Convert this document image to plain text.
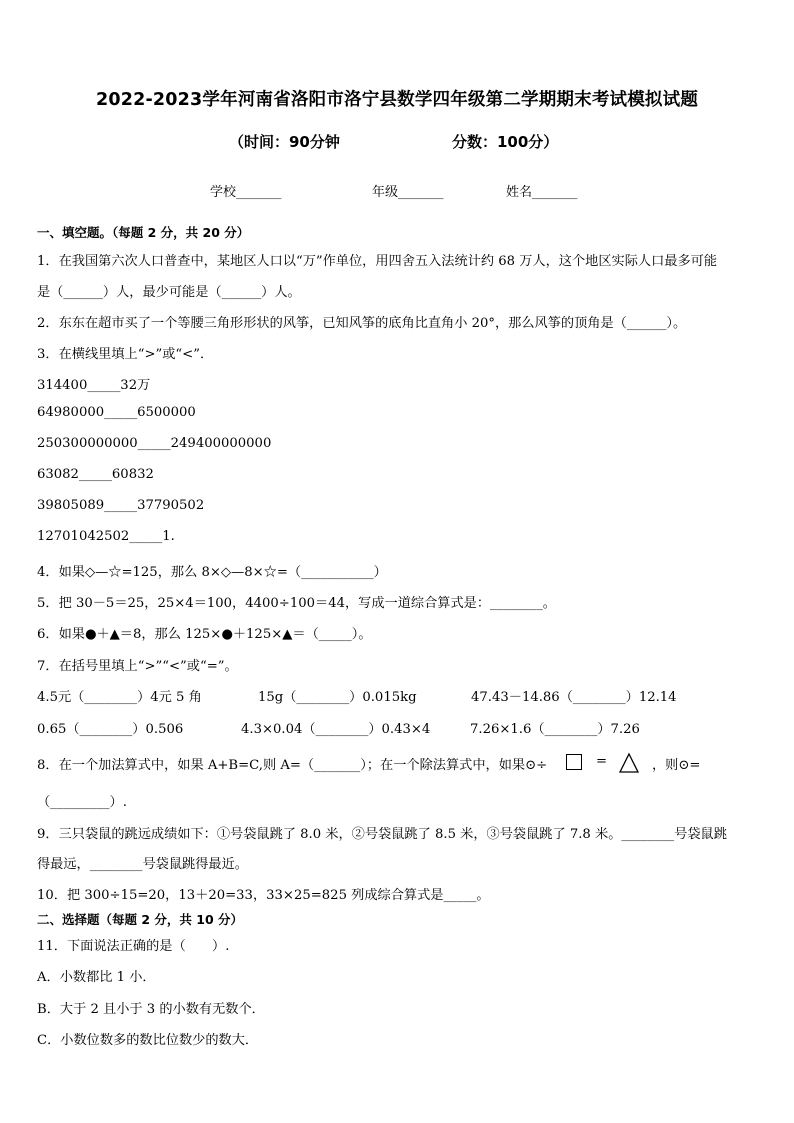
2022-2023学年河南省洛阳市洛宁县数学四年级第二学期期末考试模拟试题
（时间：90分钟	分数：100分）
学校_______	年级_______	姓名_______
一、填空题。（每题 2 分，共 20 分）
1．在我国第六次人口普查中，某地区人口以“万”作单位，用四舍五入法统计约 68 万人，这个地区实际人口最多可能
是（______）人，最少可能是（______）人。
2．东东在超市买了一个等腰三角形形状的风筝，已知风筝的底角比直角小 20°，那么风筝的顶角是（______）。
3．在横线里填上“>”或“<”．
314400_____32万
64980000_____6500000
250300000000_____249400000000
63082_____60832
39805089_____37790502
12701042502_____1.
4．如果◇—☆=125，那么 8×◇—8×☆=（___________）
5．把 30－5＝25，25×4＝100，4400÷100＝44，写成一道综合算式是：________。
6．如果●＋▲＝8，那么 125×●＋125×▲＝（_____）。
7．在括号里填上“>”“<”或“=”。
4.5元（________）4元 5 角	15g（________）0.015kg	47.43－14.86（________）12.14
0.65（________）0.506	4.3×0.04（________）0.43×4	7.26×1.6（________）7.26
8．在一个加法算式中，如果 A+B=C,则 A=（_______）；在一个除法算式中，如果⊙÷	=	，则⊙=
（_________）.
9．三只袋鼠的跳远成绩如下：①号袋鼠跳了 8.0 米，②号袋鼠跳了 8.5 米，③号袋鼠跳了 7.8 米。________号袋鼠跳
得最远，________号袋鼠跳得最近。
10．把 300÷15=20，13＋20=33，33×25=825 列成综合算式是_____。
二、选择题（每题 2 分，共 10 分）
11．下面说法正确的是（　　）.
A．小数都比 1 小．
B．大于 2 且小于 3 的小数有无数个．
C．小数位数多的数比位数少的数大．
